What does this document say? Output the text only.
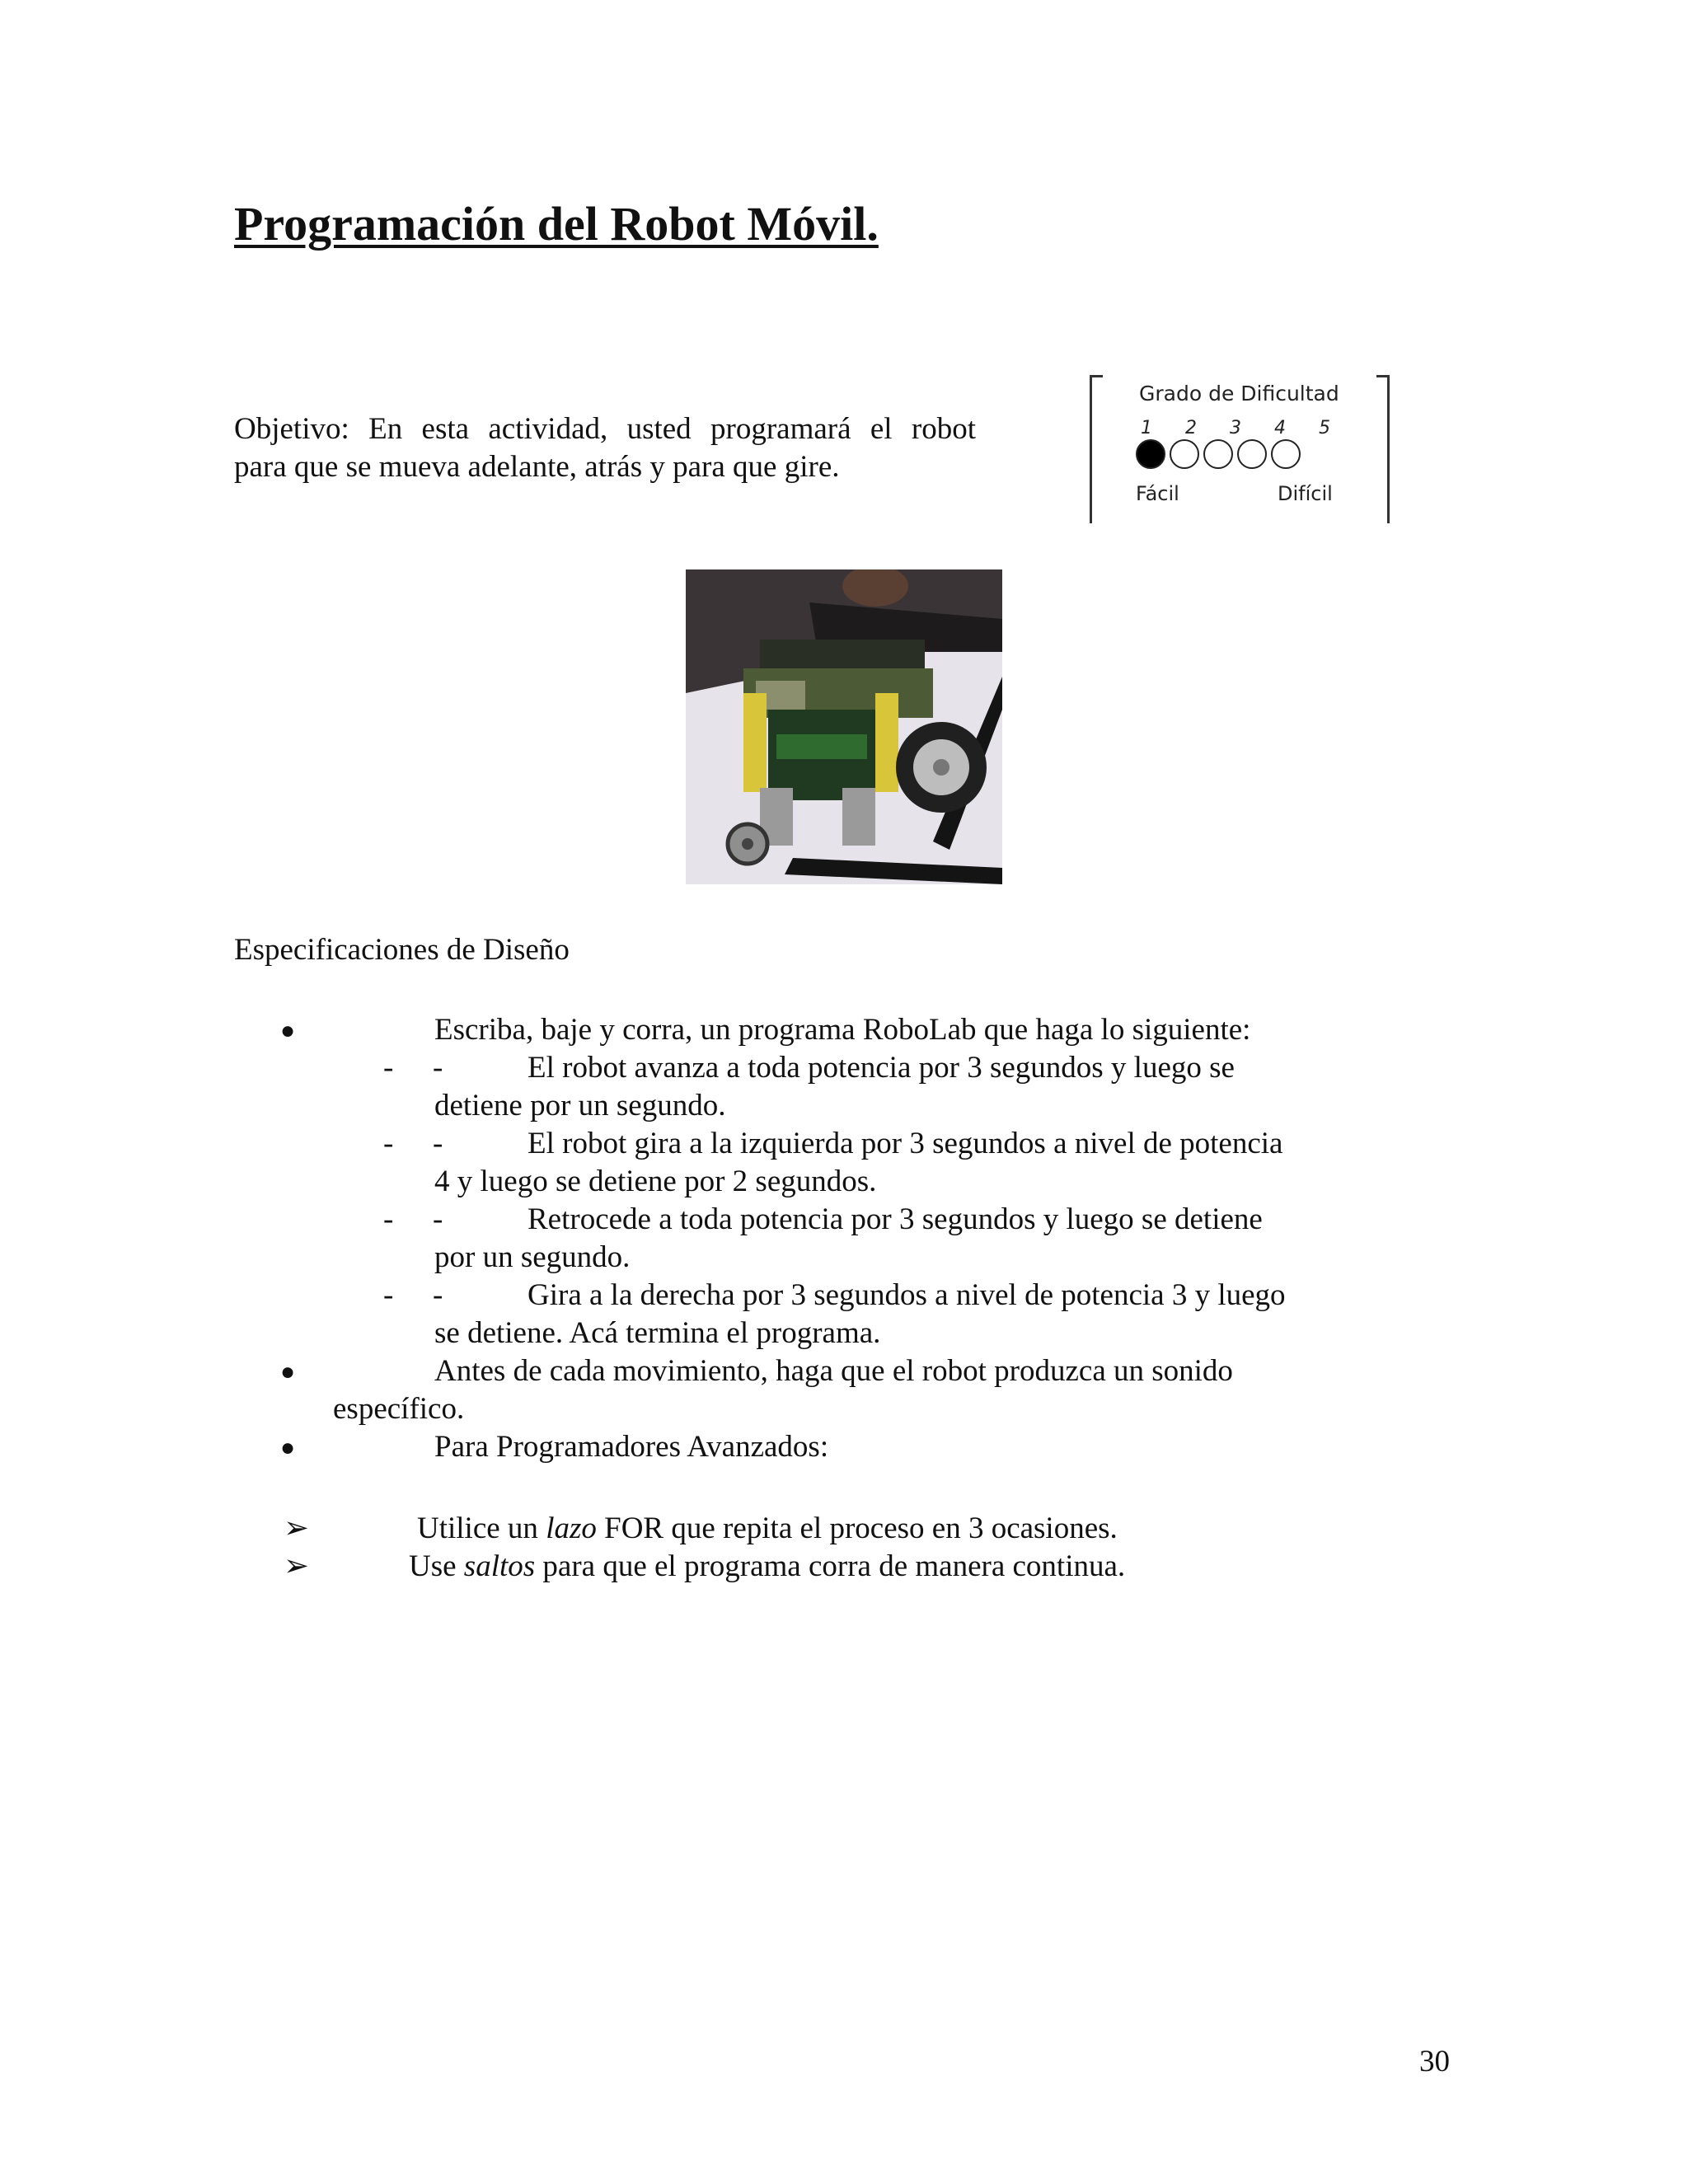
Programación del Robot Móvil.
Objetivo: En esta actividad, usted programará el robot
para que se mueva adelante, atrás y para que gire.
Grado de Dificultad
1 2 3 4 5
Fácil	Difícil
Especificaciones de Diseño
●	Escriba, baje y corra, un programa RoboLab que haga lo siguiente:
- -	El robot avanza a toda potencia por 3 segundos y luego se
detiene por un segundo.
- -	El robot gira a la izquierda por 3 segundos a nivel de potencia
4 y luego se detiene por 2 segundos.
- -	Retrocede a toda potencia por 3 segundos y luego se detiene
por un segundo.
- -	Gira a la derecha por 3 segundos a nivel de potencia 3 y luego
se detiene. Acá termina el programa.
●	Antes de cada movimiento, haga que el robot produzca un sonido
específico.
●	Para Programadores Avanzados:
➢	Utilice un lazo FOR que repita el proceso en 3 ocasiones.
➢	Use saltos para que el programa corra de manera continua.
30
